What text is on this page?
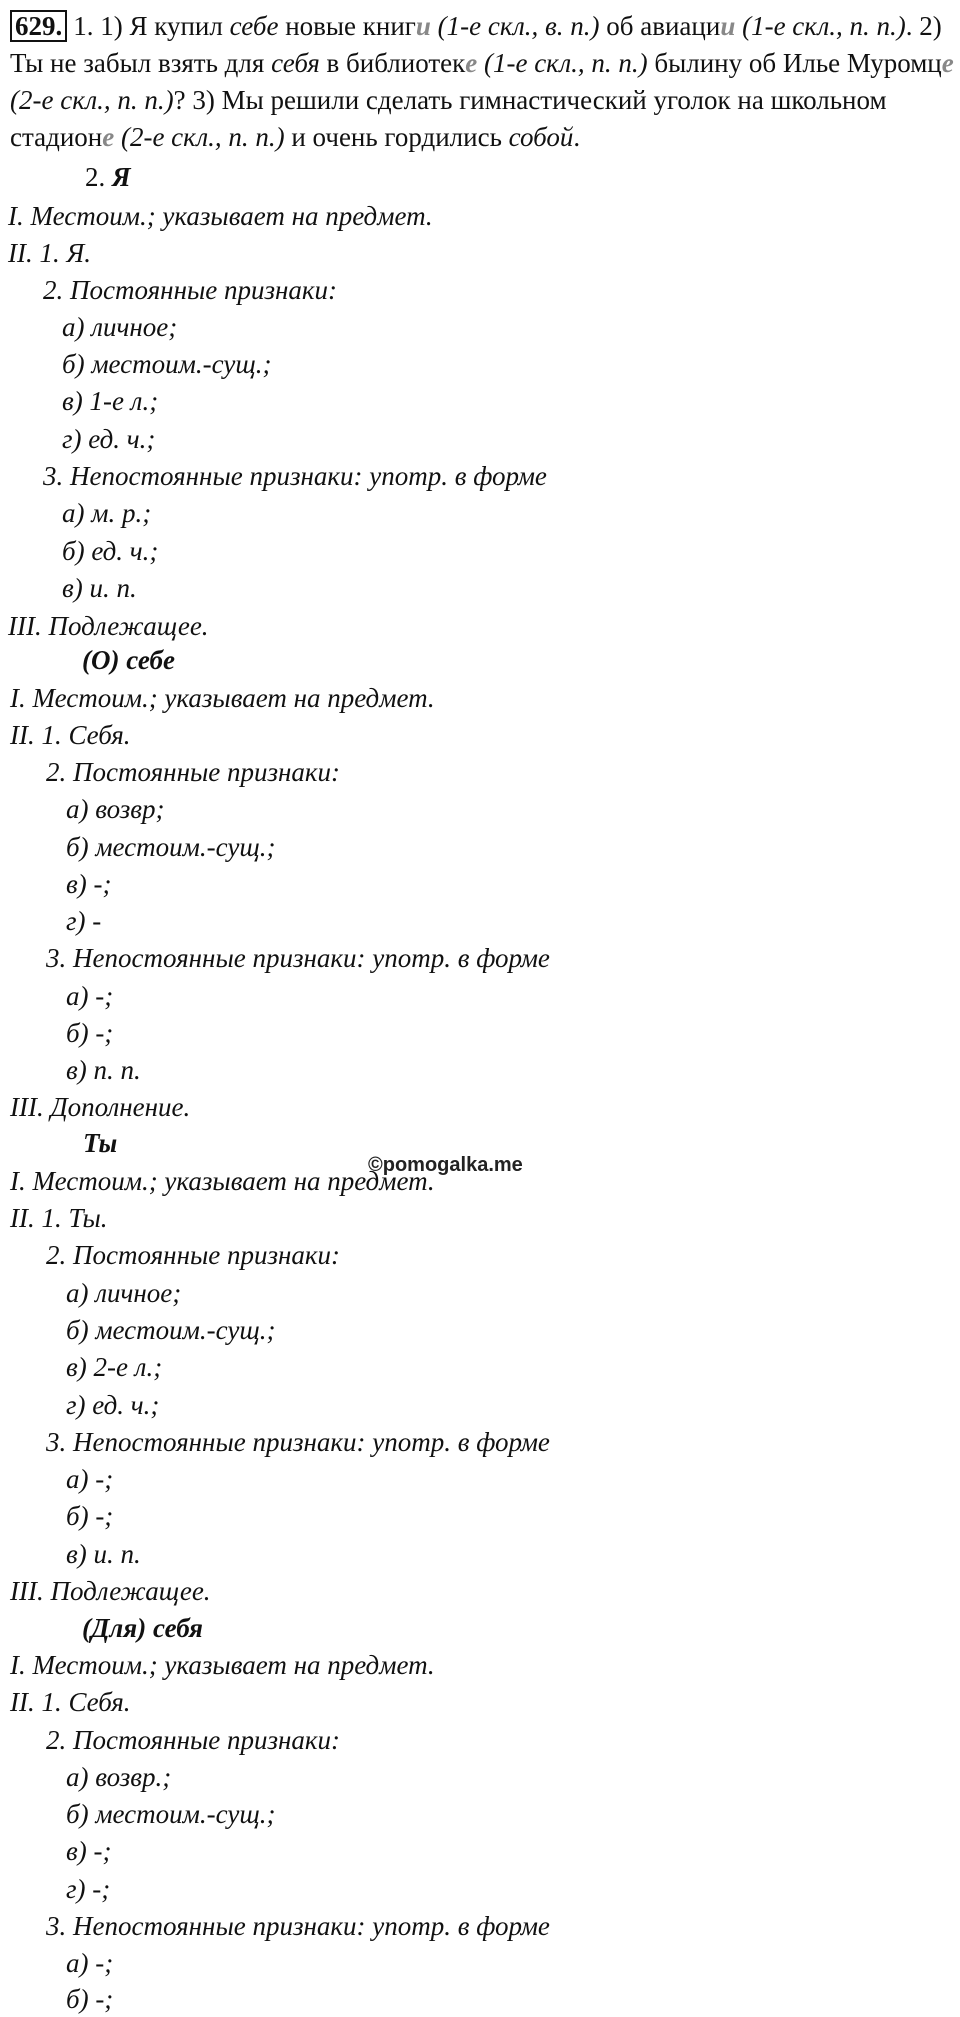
629. 1. 1) Я купил себе новые книги (1-е скл., в. п.) об авиации (1-е скл., п. п.). 2) Ты не забыл взять для себя в библиотеке (1-е скл., п. п.) былину об Илье Муромце (2-е скл., п. п.)? 3) Мы решили сделать гимнастический уголок на школьном стадионе (2-е скл., п. п.) и очень гордились собой.
2. Я
I. Местоим.; указывает на предмет.
II. 1. Я.
2. Постоянные признаки:
а) личное;
б) местоим.-сущ.;
в) 1-е л.;
г) ед. ч.;
3. Непостоянные признаки: употр. в форме
а) м. р.;
б) ед. ч.;
в) и. п.
III. Подлежащее.
(О) себе
I. Местоим.; указывает на предмет.
II. 1. Себя.
2. Постоянные признаки:
а) возвр;
б) местоим.-сущ.;
в) -;
г) -
3. Непостоянные признаки: употр. в форме
а) -;
б) -;
в) п. п.
III. Дополнение.
Ты
I. Местоим.; указывает на предмет.
II. 1. Ты.
2. Постоянные признаки:
а) личное;
б) местоим.-сущ.;
в) 2-е л.;
г) ед. ч.;
3. Непостоянные признаки: употр. в форме
а) -;
б) -;
в) и. п.
III. Подлежащее.
(Для) себя
I. Местоим.; указывает на предмет.
II. 1. Себя.
2. Постоянные признаки:
а) возвр.;
б) местоим.-сущ.;
в) -;
г) -;
3. Непостоянные признаки: употр. в форме
а) -;
б) -;
©pomogalka.me
